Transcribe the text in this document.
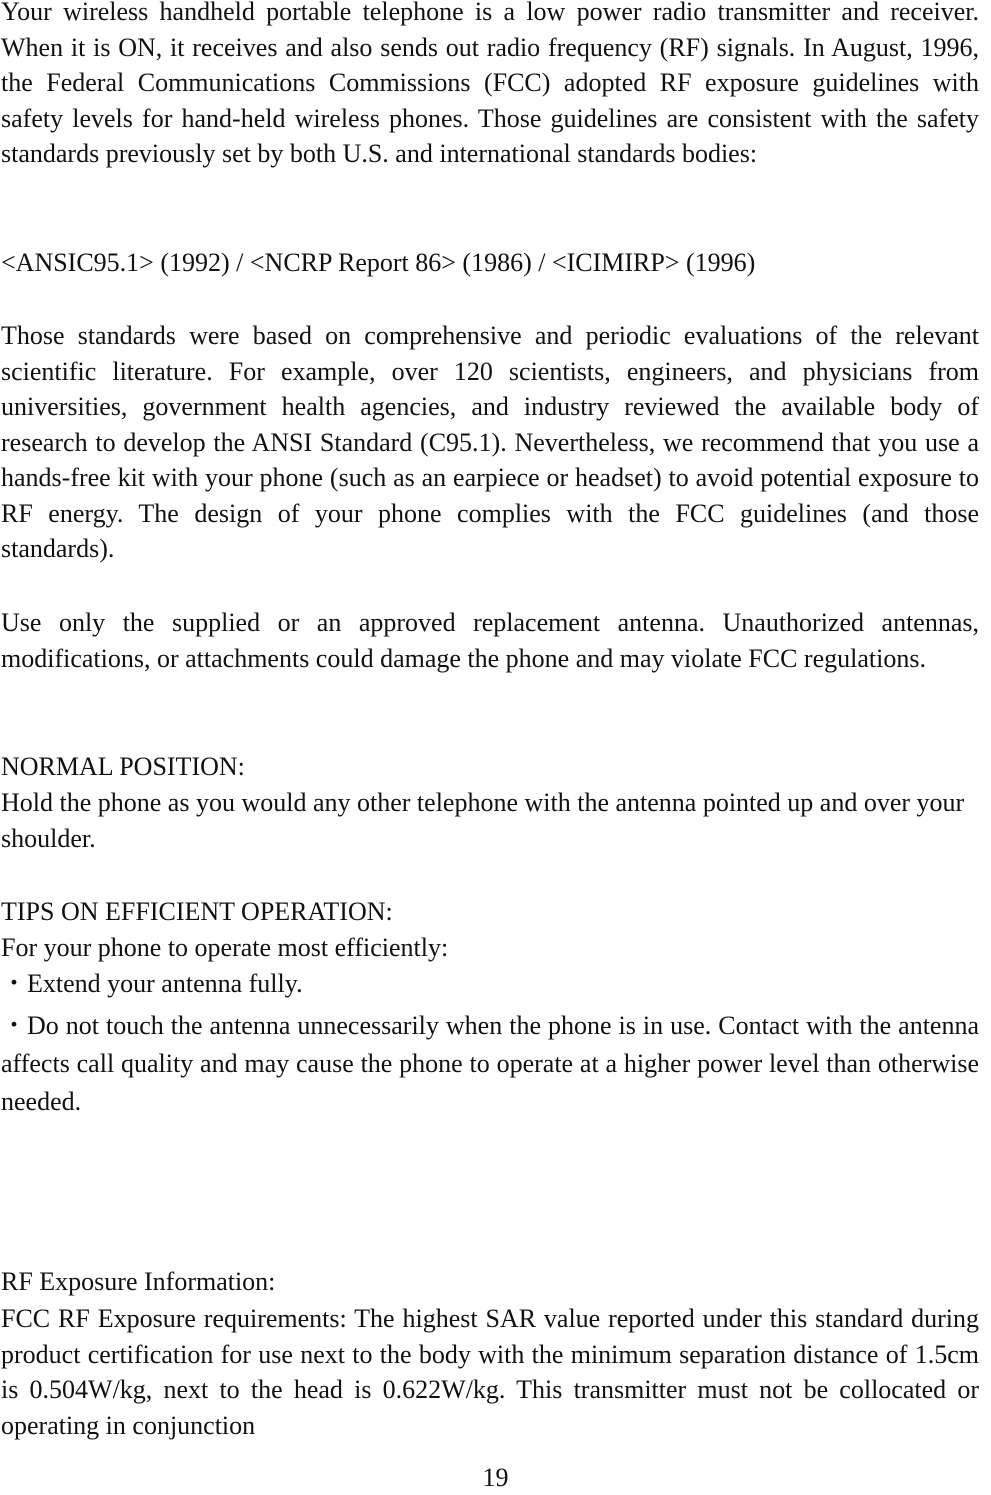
Your wireless handheld portable telephone is a low power radio transmitter and receiver. When it is ON, it receives and also sends out radio frequency (RF) signals. In August, 1996, the Federal Communications Commissions (FCC) adopted RF exposure guidelines with safety levels for hand-held wireless phones. Those guidelines are consistent with the safety standards previously set by both U.S. and international standards bodies:

<ANSIC95.1> (1992) / <NCRP Report 86> (1986) / <ICIMIRP> (1996)

Those standards were based on comprehensive and periodic evaluations of the relevant scientific literature. For example, over 120 scientists, engineers, and physicians from universities, government health agencies, and industry reviewed the available body of research to develop the ANSI Standard (C95.1). Nevertheless, we recommend that you use a hands-free kit with your phone (such as an earpiece or headset) to avoid potential exposure to RF energy. The design of your phone complies with the FCC guidelines (and those standards).

Use only the supplied or an approved replacement antenna. Unauthorized antennas, modifications, or attachments could damage the phone and may violate FCC regulations.

NORMAL POSITION:

Hold the phone as you would any other telephone with the antenna pointed up and over your shoulder.

TIPS ON EFFICIENT OPERATION:

For your phone to operate most efficiently:

・Extend your antenna fully.

・Do not touch the antenna unnecessarily when the phone is in use. Contact with the antenna affects call quality and may cause the phone to operate at a higher power level than otherwise needed.

RF Exposure Information:

FCC RF Exposure requirements: The highest SAR value reported under this standard during product certification for use next to the body with the minimum separation distance of 1.5cm is 0.504W/kg, next to the head is 0.622W/kg. This transmitter must not be collocated or operating in conjunction

19
